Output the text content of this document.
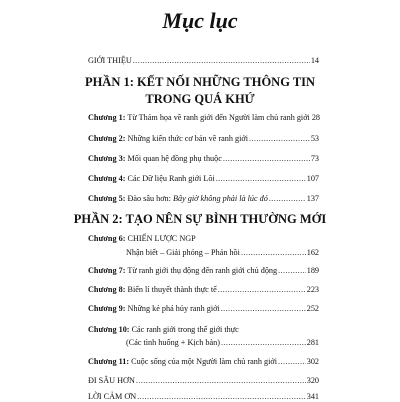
Mục lục
GIỚI THIỆU .....	14
PHẦN 1: KẾT NỐI NHỮNG THÔNG TIN
TRONG QUÁ KHỨ
Chương 1: Từ Thảm họa về ranh giới đến Người làm chủ ranh giới 28
Chương 2: Những kiến thức cơ bản về ranh giới .....	53
Chương 3: Mối quan hệ đồng phụ thuộc .....	73
Chương 4: Các Dữ liệu Ranh giới Lõi .....	107
Chương 5: Đào sâu hơn: Bây giờ không phải là lúc đó .....	137
PHẦN 2: TẠO NÊN SỰ BÌNH THƯỜNG MỚI
Chương 6: CHIẾN LƯỢC NGP
Nhận biết – Giải phóng – Phản hồi .....	162
Chương 7: Từ ranh giới thụ động đến ranh giới chủ động .....	189
Chương 8: Biến lí thuyết thành thực tế .....	223
Chương 9: Những kẻ phá hủy ranh giới .....	252
Chương 10: Các ranh giới trong thế giới thực
(Các tình huống + Kịch bản) .....	281
Chương 11: Cuộc sống của một Người làm chủ ranh giới .....	302
ĐI SÂU HƠN .....	320
LỜI CẢM ƠN .....	341
